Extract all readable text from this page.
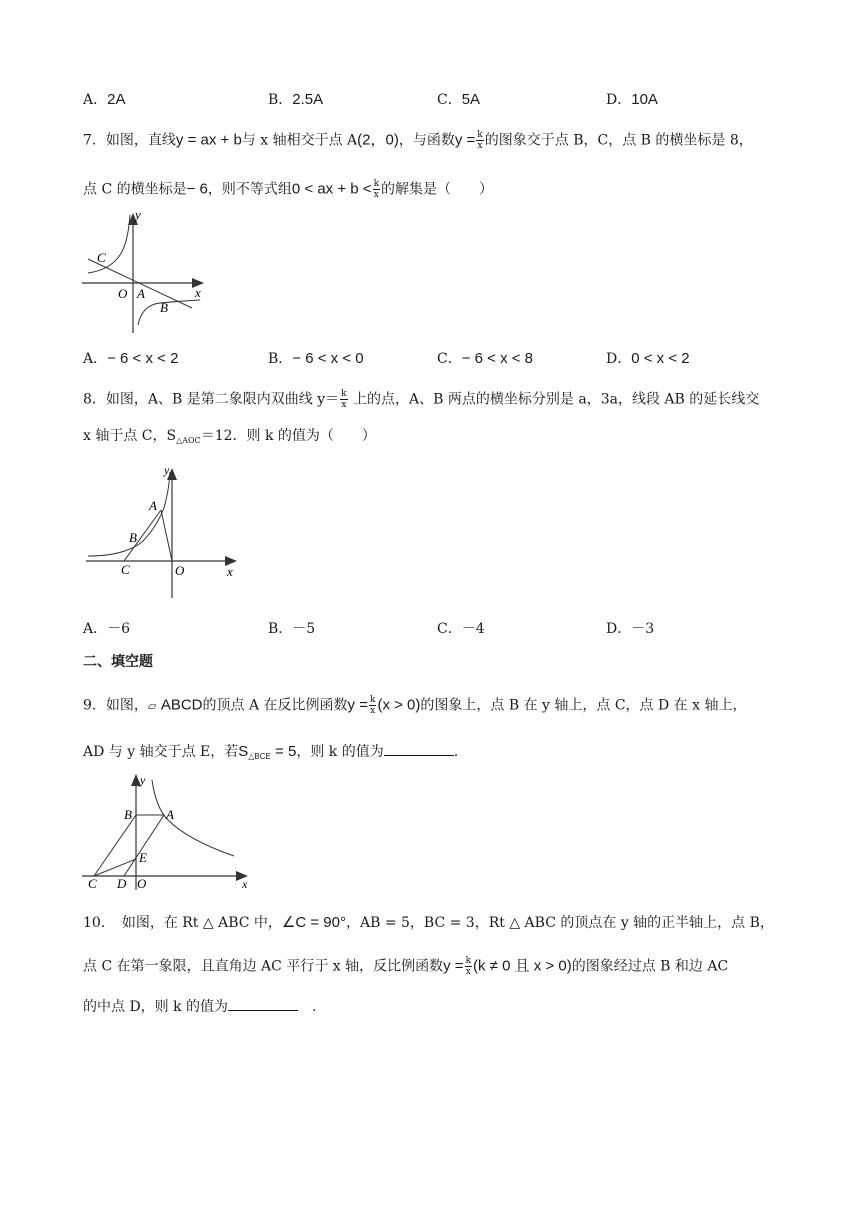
A．2A	B．2.5A	C．5A	D．10A
7．如图，直线y = ax + b与 x 轴相交于点 A(2，0)，与函数$y = \frac{k}{x}$ 的图象交于点 B，C，点 B 的横坐标是 8，
点 C 的横坐标是− 6，则不等式组0 < ax + $b < \frac{k}{x}$ 的解集是（　　）
y
C
O A
B
x
A．− 6 < x < 2	B．− 6 < x < 0	C．− 6 < x < 8	D．0 < x < 2
8．如图，A、B 是第二象限内双曲线 $y= \frac{k}{x}$ 上的点，A、B 两点的横坐标分别是 a，3a，线段 AB 的延长线交
x 轴于点 C，$S_{\triangle AOC}=12$．则 k 的值为（　　）
y
A
B
C	O	x
A．－6	B．－5	C．－4	D．－3
二、填空题
9．如图，▱ ABCD的顶点 A 在反比例函数$y = \frac{k}{x} (x > 0)$的图象上，点 B 在 y 轴上，点 C，点 D 在 x 轴上，
AD 与 y 轴交于点 E，若$S_{\triangle BCE} = 5$，则 k 的值为	.
y
B	A
E
C D O	x
10．　如图，在 Rt △ ABC 中，∠C = 90°，AB = 5，BC = 3，Rt △ ABC 的顶点在 y 轴的正半轴上，点 B，
点 C 在第一象限，且直角边 AC 平行于 x 轴，反比例函数$y = \frac{k}{x} (k \ne 0$ 且 x > 0)的图象经过点 B 和边 AC
的中点 D，则 k 的值为	　.
